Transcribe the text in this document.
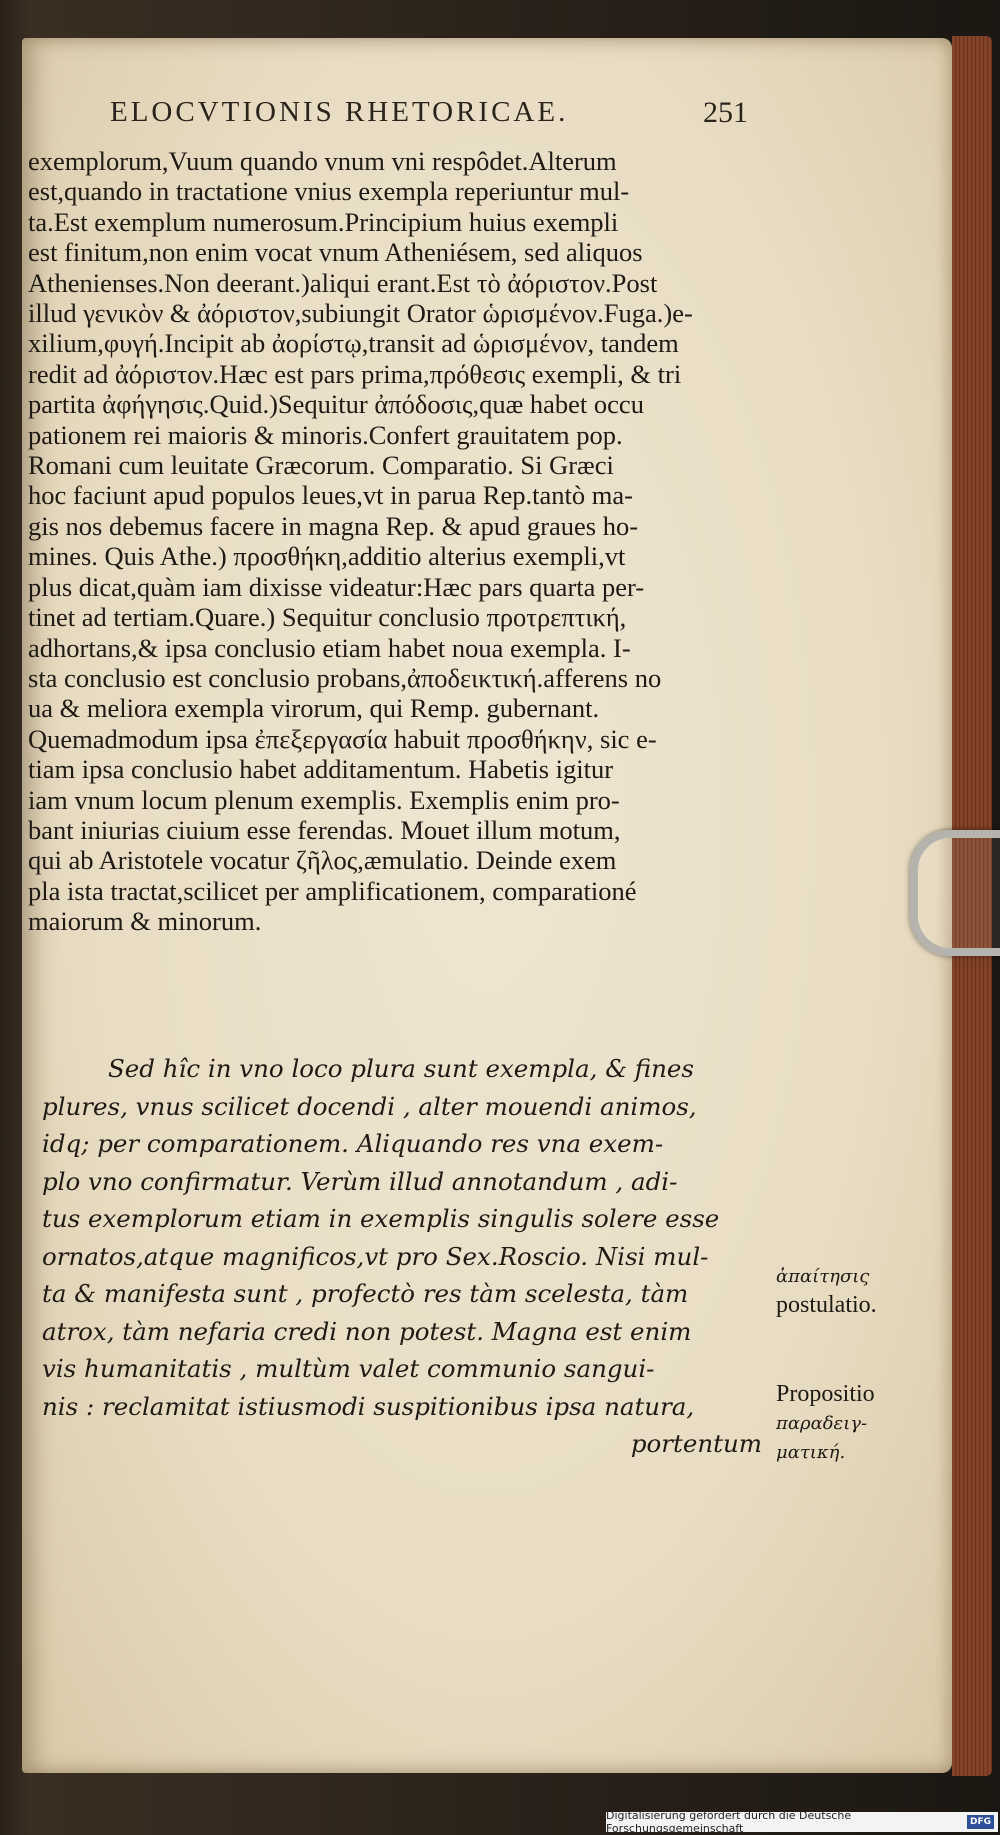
ELOCVTIONIS RHETORICAE.	251
exemplorum,Vuum quando vnum vni respôdet.Alterum
est,quando in tractatione vnius exempla reperiuntur mul-
ta.Est exemplum numerosum.Principium huius exempli
est finitum,non enim vocat vnum Atheniésem, sed aliquos
Athenienses.Non deerant.)aliqui erant.Est τὸ ἀόριστον.Post
illud γενικὸν & ἀόριστον,subiungit Orator ὡρισμένον.Fuga.)e-
xilium,φυγή.Incipit ab ἀορίστῳ,transit ad ὡρισμένον, tandem
redit ad ἀόριστον.Hæc est pars prima,πρόθεσις exempli, & tri
partita ἀφήγησις.Quid.)Sequitur ἀπόδοσις,quæ habet occu
pationem rei maioris & minoris.Confert grauitatem pop.
Romani cum leuitate Græcorum. Comparatio. Si Græci
hoc faciunt apud populos leues,vt in parua Rep.tantò ma-
gis nos debemus facere in magna Rep. & apud graues ho-
mines. Quis Athe.) προσθήκη,additio alterius exempli,vt
plus dicat,quàm iam dixisse videatur:Hæc pars quarta per-
tinet ad tertiam.Quare.) Sequitur conclusio προτρεπτική,
adhortans,& ipsa conclusio etiam habet noua exempla. I-
sta conclusio est conclusio probans,ἀποδεικτική.afferens no
ua & meliora exempla virorum, qui Remp. gubernant.
Quemadmodum ipsa ἐπεξεργασία habuit προσθήκην, sic e-
tiam ipsa conclusio habet additamentum. Habetis igitur
iam vnum locum plenum exemplis. Exemplis enim pro-
bant iniurias ciuium esse ferendas. Mouet illum motum,
qui ab Aristotele vocatur ζῆλος,æmulatio. Deinde exem
pla ista tractat,scilicet per amplificationem, comparationé
maiorum & minorum.
Sed hîc in vno loco plura sunt exempla, & fines
plures, vnus scilicet docendi , alter mouendi animos,
idq; per comparationem. Aliquando res vna exem-
plo vno confirmatur. Verùm illud annotandum , adi-
tus exemplorum etiam in exemplis singulis solere esse
ornatos,atque magnificos,vt pro Sex.Roscio. Nisi mul-
ta & manifesta sunt , profectò res tàm scelesta, tàm
atrox, tàm nefaria credi non potest. Magna est enim
vis humanitatis , multùm valet communio sangui-
nis : reclamitat istiusmodi suspitionibus ipsa natura,
portentum
ἀπαίτησις
postulatio.
Propositio
παραδειγ-
ματική.
Digitalisierung gefördert durch die Deutsche Forschungsgemeinschaft	DFG
